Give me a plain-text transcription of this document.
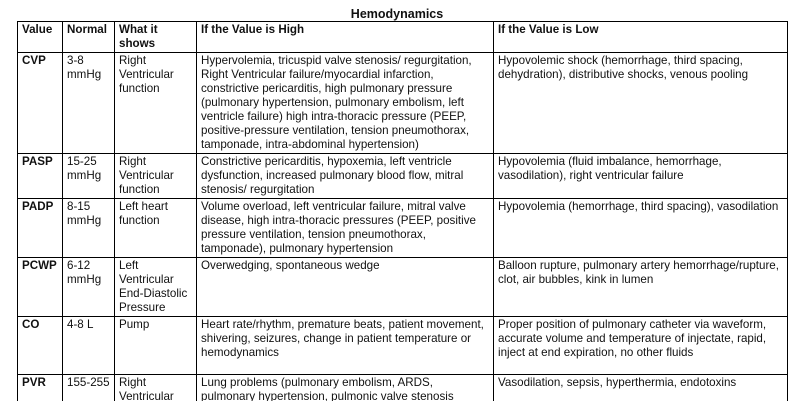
Hemodynamics
Value	Normal	What it shows	If the Value is High	If the Value is Low
CVP	3-8 mmHg	Right Ventricular function	Hypervolemia, tricuspid valve stenosis/ regurgitation, Right Ventricular failure/myocardial infarction, constrictive pericarditis, high pulmonary pressure (pulmonary hypertension, pulmonary embolism, left ventricle failure) high intra-thoracic pressure (PEEP, positive-pressure ventilation, tension pneumothorax, tamponade, intra-abdominal hypertension)	Hypovolemic shock (hemorrhage, third spacing, dehydration), distributive shocks, venous pooling
PASP	15-25 mmHg	Right Ventricular function	Constrictive pericarditis, hypoxemia, left ventricle dysfunction, increased pulmonary blood flow, mitral stenosis/ regurgitation	Hypovolemia (fluid imbalance, hemorrhage, vasodilation), right ventricular failure
PADP	8-15 mmHg	Left heart function	Volume overload, left ventricular failure, mitral valve disease, high intra-thoracic pressures (PEEP, positive pressure ventilation, tension pneumothorax, tamponade), pulmonary hypertension	Hypovolemia (hemorrhage, third spacing), vasodilation
PCWP	6-12 mmHg	Left Ventricular End-Diastolic Pressure	Overwedging, spontaneous wedge	Balloon rupture, pulmonary artery hemorrhage/rupture, clot, air bubbles, kink in lumen
CO	4-8 L	Pump	Heart rate/rhythm, premature beats, patient movement, shivering, seizures, change in patient temperature or hemodynamics	Proper position of pulmonary catheter via waveform, accurate volume and temperature of injectate, rapid, inject at end expiration, no other fluids
PVR	155-255	Right Ventricular	Lung problems (pulmonary embolism, ARDS, pulmonary hypertension, pulmonic valve stenosis	Vasodilation, sepsis, hyperthermia, endotoxins
